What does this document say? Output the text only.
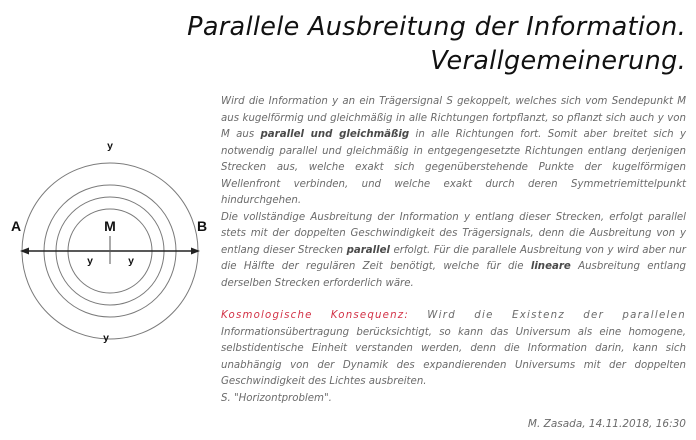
Parallele Ausbreitung der Information.
Verallgemeinerung.
A	B
M
y
y
y	y

Wird die Information y an ein Trägersignal S gekoppelt, welches sich vom Sendepunkt M aus kugelförmig und gleichmäßig in alle Richtungen fortpflanzt, so pflanzt sich auch y von M aus parallel und gleichmäßig in alle Richtungen fort. Somit aber breitet sich y notwendig parallel und gleichmäßig in entgegengesetzte Richtungen entlang derjenigen Strecken aus, welche exakt sich gegenüberstehende Punkte der kugelförmigen Wellenfront verbinden, und welche exakt durch deren Symmetriemittelpunkt hindurchgehen.

Die vollständige Ausbreitung der Information y entlang dieser Strecken, erfolgt parallel stets mit der doppelten Geschwindigkeit des Trägersignals, denn die Ausbreitung von y entlang dieser Strecken parallel erfolgt. Für die parallele Ausbreitung von y wird aber nur die Hälfte der regulären Zeit benötigt, welche für die lineare Ausbreitung entlang derselben Strecken erforderlich wäre.

Kosmologische Konsequenz: Wird die Existenz der parallelen Informationsübertragung berücksichtigt, so kann das Universum als eine homogene, selbstidentische Einheit verstanden werden, denn die Information darin, kann sich unabhängig von der Dynamik des expandierenden Universums mit der doppelten Geschwindigkeit des Lichtes ausbreiten.

S. "Horizontproblem".

M. Zasada, 14.11.2018, 16:30
